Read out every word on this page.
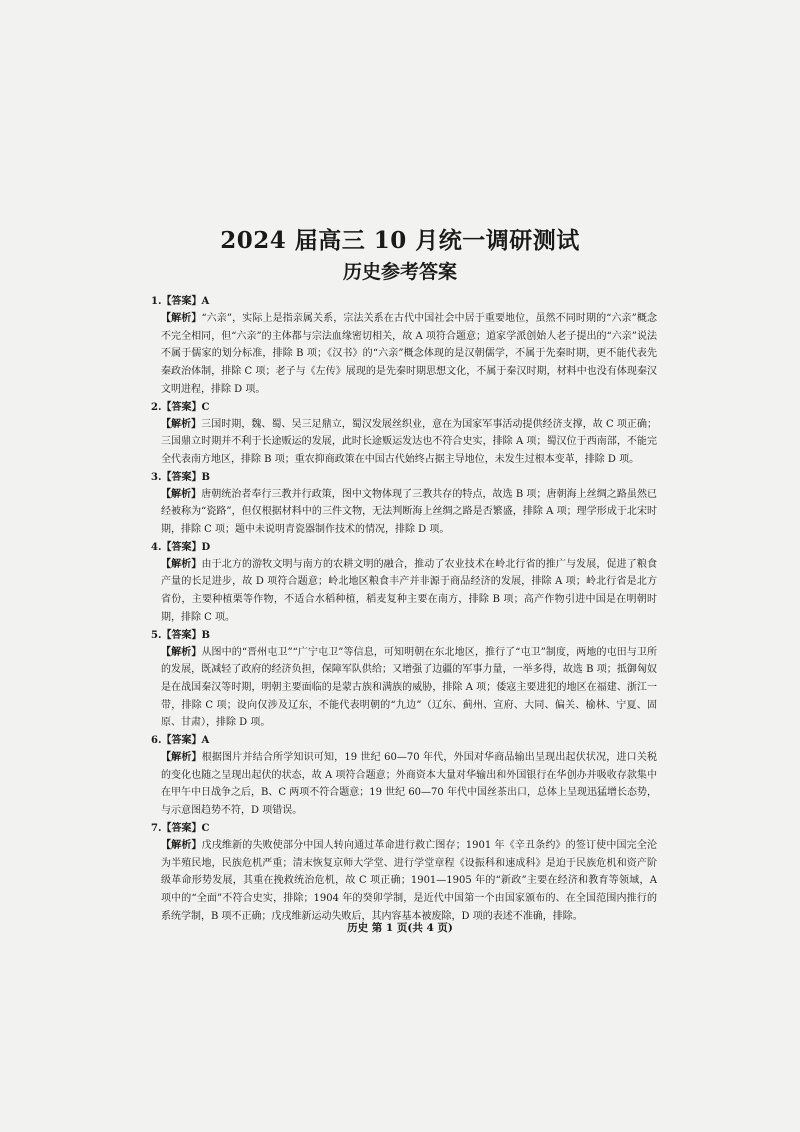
2024 届高三 10 月统一调研测试
历史参考答案

1.【答案】A

【解析】“六亲”，实际上是指亲属关系，宗法关系在古代中国社会中居于重要地位，虽然不同时期的“六亲”概念不完全相同，但“六亲”的主体都与宗法血缘密切相关，故 A 项符合题意；道家学派创始人老子提出的“六亲”说法不属于儒家的划分标准，排除 B 项；《汉书》的“六亲”概念体现的是汉朝儒学，不属于先秦时期，更不能代表先秦政治体制，排除 C 项；老子与《左传》展现的是先秦时期思想文化，不属于秦汉时期，材料中也没有体现秦汉文明进程，排除 D 项。

2.【答案】C

【解析】三国时期，魏、蜀、吴三足鼎立，蜀汉发展丝织业，意在为国家军事活动提供经济支撑，故 C 项正确；三国鼎立时期并不利于长途贩运的发展，此时长途贩运发达也不符合史实，排除 A 项；蜀汉位于西南部，不能完全代表南方地区，排除 B 项；重农抑商政策在中国古代始终占据主导地位，未发生过根本变革，排除 D 项。

3.【答案】B

【解析】唐朝统治者奉行三教并行政策，图中文物体现了三教共存的特点，故选 B 项；唐朝海上丝绸之路虽然已经被称为“瓷路”，但仅根据材料中的三件文物，无法判断海上丝绸之路是否繁盛，排除 A 项；理学形成于北宋时期，排除 C 项；题中未说明青瓷器制作技术的情况，排除 D 项。

4.【答案】D

【解析】由于北方的游牧文明与南方的农耕文明的融合，推动了农业技术在岭北行省的推广与发展，促进了粮食产量的长足进步，故 D 项符合题意；岭北地区粮食丰产并非源于商品经济的发展，排除 A 项；岭北行省是北方省份，主要种植栗等作物，不适合水稻种植，稻麦复种主要在南方，排除 B 项；高产作物引进中国是在明朝时期，排除 C 项。

5.【答案】B

【解析】从图中的“晋州屯卫”“广宁屯卫”等信息，可知明朝在东北地区，推行了“屯卫”制度，两地的屯田与卫所的发展，既减轻了政府的经济负担，保障军队供给；又增强了边疆的军事力量，一举多得，故选 B 项；抵御匈奴是在战国秦汉等时期，明朝主要面临的是蒙古族和满族的威胁，排除 A 项；倭寇主要进犯的地区在福建、浙江一带，排除 C 项；设向仅涉及辽东，不能代表明朝的“九边”（辽东、蓟州、宣府、大同、偏关、榆林、宁夏、固原、甘肃），排除 D 项。

6.【答案】A

【解析】根据图片并结合所学知识可知，19 世纪 60—70 年代，外国对华商品输出呈现出起伏状况，进口关税的变化也随之呈现出起伏的状态，故 A 项符合题意；外商资本大量对华输出和外国银行在华创办并吸收存款集中在甲午中日战争之后，B、C 两项不符合题意；19 世纪 60—70 年代中国丝茶出口，总体上呈现迅猛增长态势，与示意图趋势不符，D 项错误。

7.【答案】C

【解析】戊戌维新的失败使部分中国人转向通过革命进行救亡图存；1901 年《辛丑条约》的签订使中国完全沦为半殖民地，民族危机严重；清末恢复京师大学堂、进行学堂章程《设振科和速成科》是迫于民族危机和资产阶级革命形势发展，其重在挽救统治危机，故 C 项正确；1901—1905 年的“新政”主要在经济和教育等领域，A 项中的“全面”不符合史实，排除；1904 年的癸卯学制，是近代中国第一个由国家颁布的、在全国范围内推行的系统学制，B 项不正确；戊戌维新运动失败后，其内容基本被废除，D 项的表述不准确，排除。

历史 第 1 页(共 4 页)
